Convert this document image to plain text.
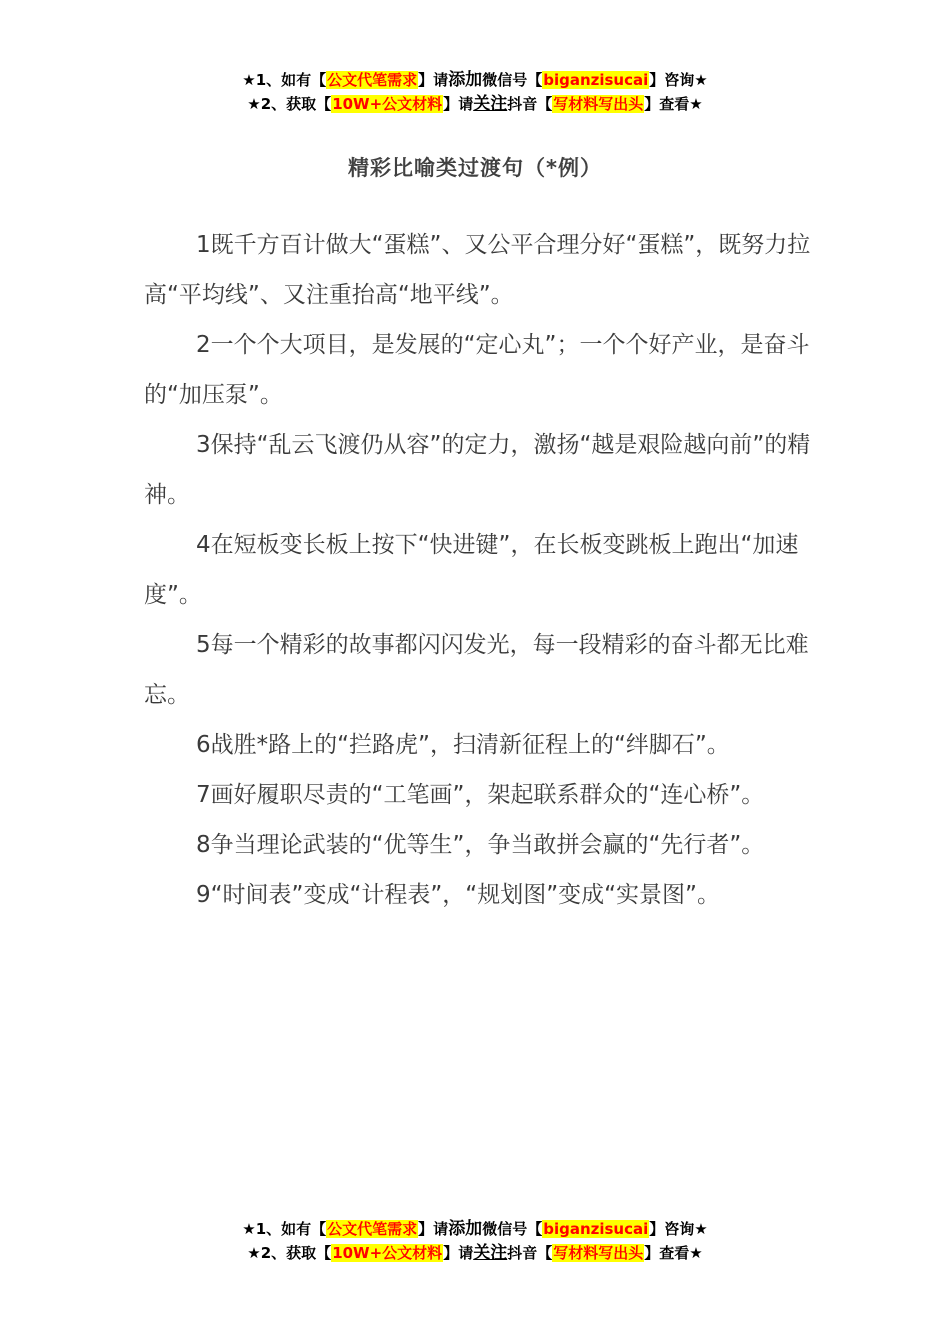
★1、如有【公文代笔需求】请添加微信号【biganzisucai】咨询★
★2、获取【10W+公文材料】请关注抖音【写材料写出头】查看★
精彩比喻类过渡句（*例）

1既千方百计做大“蛋糕”、又公平合理分好“蛋糕”，既努力拉高“平均线”、又注重抬高“地平线”。

2一个个大项目，是发展的“定心丸”；一个个好产业，是奋斗的“加压泵”。

3保持“乱云飞渡仍从容”的定力，激扬“越是艰险越向前”的精神。

4在短板变长板上按下“快进键”，在长板变跳板上跑出“加速度”。

5每一个精彩的故事都闪闪发光，每一段精彩的奋斗都无比难忘。

6战胜*路上的“拦路虎”，扫清新征程上的“绊脚石”。

7画好履职尽责的“工笔画”，架起联系群众的“连心桥”。

8争当理论武装的“优等生”，争当敢拼会赢的“先行者”。

9“时间表”变成“计程表”，“规划图”变成“实景图”。

★1、如有【公文代笔需求】请添加微信号【biganzisucai】咨询★
★2、获取【10W+公文材料】请关注抖音【写材料写出头】查看★
